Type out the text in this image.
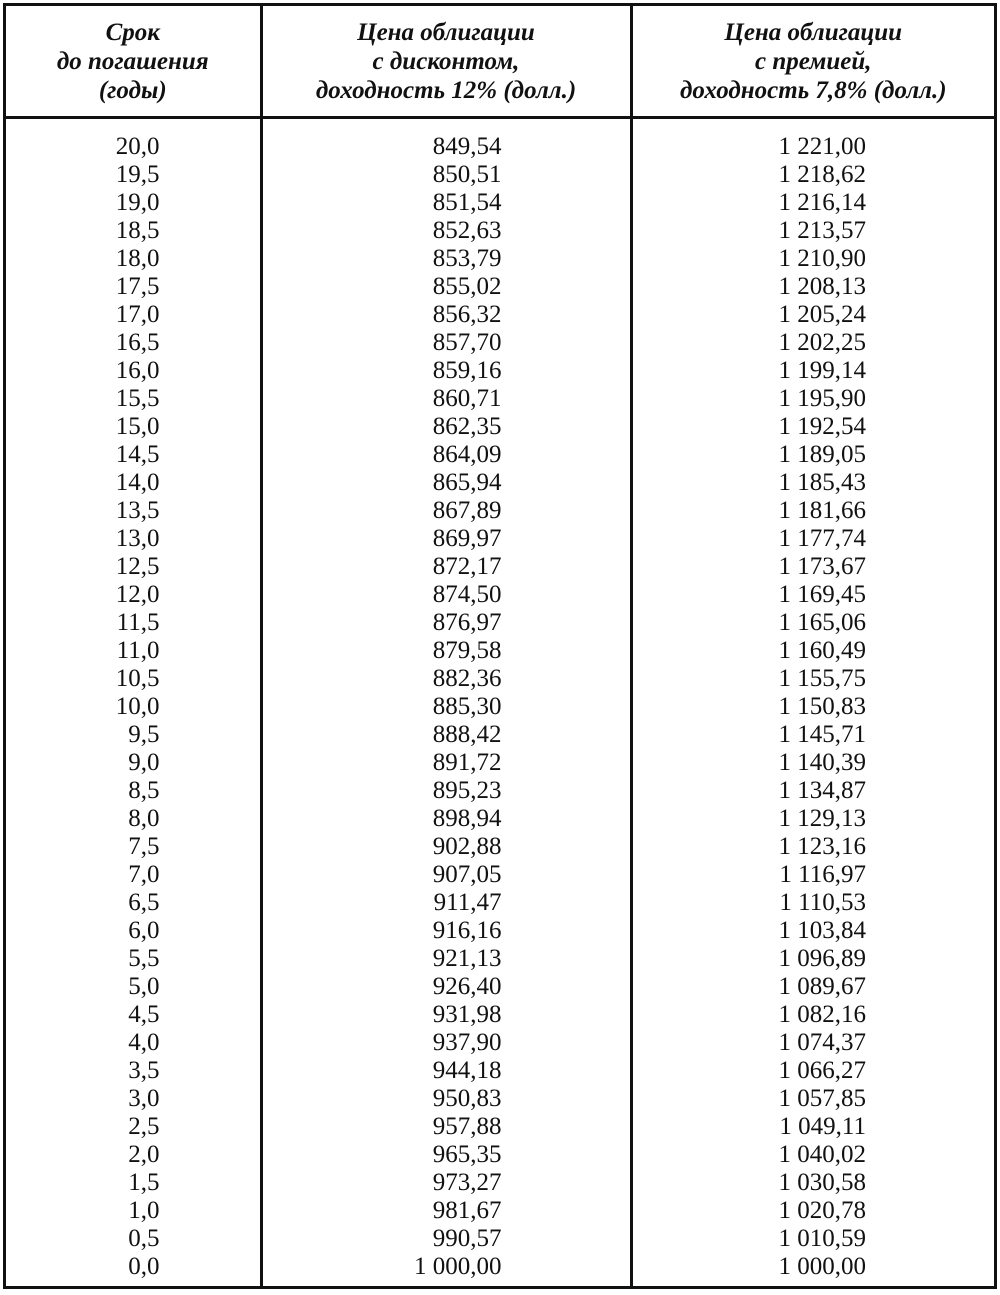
Срок
до погашения
(годы)	Цена облигации
с дисконтом,
доходность 12% (долл.)	Цена облигации
с премией,
доходность 7,8% (долл.)

20,0	849,54	1 221,00
19,5	850,51	1 218,62
19,0	851,54	1 216,14
18,5	852,63	1 213,57
18,0	853,79	1 210,90
17,5	855,02	1 208,13
17,0	856,32	1 205,24
16,5	857,70	1 202,25
16,0	859,16	1 199,14
15,5	860,71	1 195,90
15,0	862,35	1 192,54
14,5	864,09	1 189,05
14,0	865,94	1 185,43
13,5	867,89	1 181,66
13,0	869,97	1 177,74
12,5	872,17	1 173,67
12,0	874,50	1 169,45
11,5	876,97	1 165,06
11,0	879,58	1 160,49
10,5	882,36	1 155,75
10,0	885,30	1 150,83
9,5	888,42	1 145,71
9,0	891,72	1 140,39
8,5	895,23	1 134,87
8,0	898,94	1 129,13
7,5	902,88	1 123,16
7,0	907,05	1 116,97
6,5	911,47	1 110,53
6,0	916,16	1 103,84
5,5	921,13	1 096,89
5,0	926,40	1 089,67
4,5	931,98	1 082,16
4,0	937,90	1 074,37
3,5	944,18	1 066,27
3,0	950,83	1 057,85
2,5	957,88	1 049,11
2,0	965,35	1 040,02
1,5	973,27	1 030,58
1,0	981,67	1 020,78
0,5	990,57	1 010,59
0,0	1 000,00	1 000,00
